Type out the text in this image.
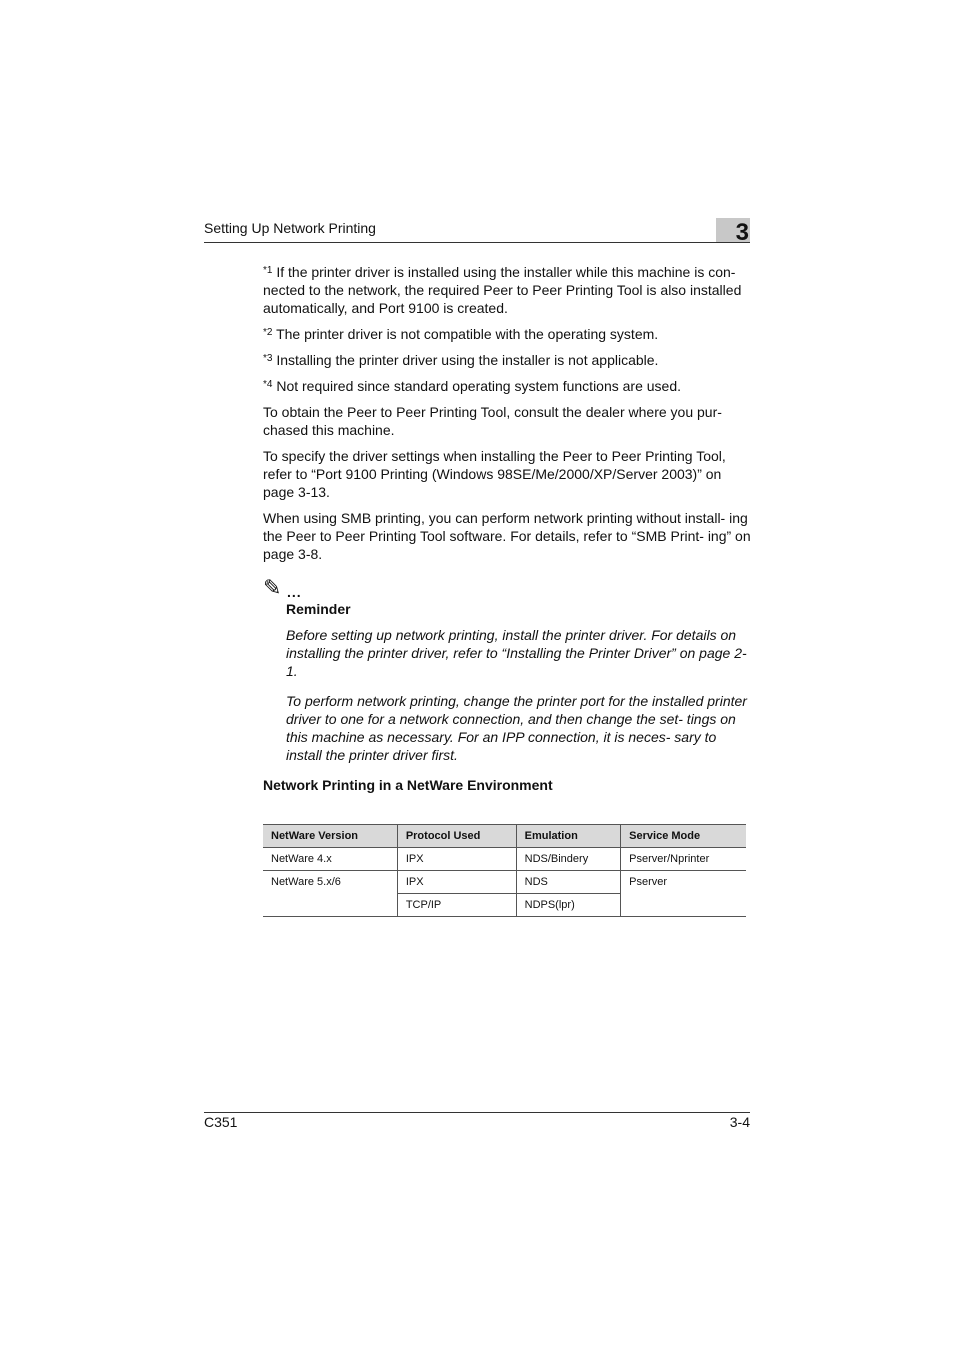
Setting Up Network Printing	3

$^{*1}$ If the printer driver is installed using the installer while this machine is con- nected to the network, the required Peer to Peer Printing Tool is also installed automatically, and Port 9100 is created.

$^{*2}$ The printer driver is not compatible with the operating system.

$^{*3}$ Installing the printer driver using the installer is not applicable.

$^{*4}$ Not required since standard operating system functions are used.

To obtain the Peer to Peer Printing Tool, consult the dealer where you pur- chased this machine.

To specify the driver settings when installing the Peer to Peer Printing Tool, refer to “Port 9100 Printing (Windows 98SE/Me/2000/XP/Server 2003)” on page 3-13.

When using SMB printing, you can perform network printing without install- ing the Peer to Peer Printing Tool software. For details, refer to “SMB Print- ing” on page 3-8.

✎ ...

Reminder

Before setting up network printing, install the printer driver. For details on installing the printer driver, refer to “Installing the Printer Driver” on page 2-1.

To perform network printing, change the printer port for the installed printer driver to one for a network connection, and then change the set- tings on this machine as necessary. For an IPP connection, it is neces- sary to install the printer driver first.

Network Printing in a NetWare Environment

NetWare Version	Protocol Used	Emulation	Service Mode
NetWare 4.x	IPX	NDS/Bindery	Pserver/Nprinter
NetWare 5.x/6	IPX	NDS	Pserver
	TCP/IP	NDPS(lpr)	
C351	3-4
